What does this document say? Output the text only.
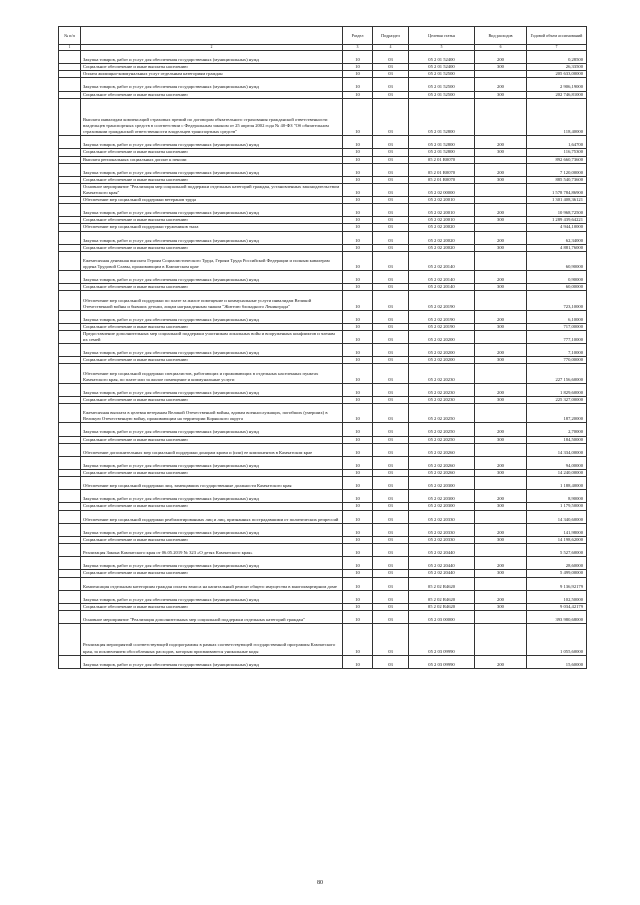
№ п/п		Раздел	Подраздел	Целевая статья	Вид расходов	Годовой объем ассигнований
1	2	3	4	5	6	7
	Закупка товаров, работ и услуг для обеспечения государственных (муниципальных) нужд	10	03	05 2 01 52400	200	0,28500
	Социальное обеспечение и иные выплаты населению	10	03	05 2 01 52400	300	26,33500
	Оплата жилищно-коммунальных услуг отдельным категориям граждан	10	03	05 2 01 52500		205 633,00000
	Закупка товаров, работ и услуг для обеспечения государственных (муниципальных) нужд	10	03	05 2 01 52500	200	2 906,19000
	Социальное обеспечение и иные выплаты населению	10	03	05 2 01 52500	300	202 746,81000
	Выплата инвалидам компенсаций страховых премий по договорам обязательного страхования гражданской ответственности владельцев транспортных средств в соответствии с Федеральным законом от 25 апреля 2002 года № 40-ФЗ "Об обязательном страховании гражданской ответственности владельцев транспортных средств"	10	03	05 2 01 52800		118,40000
	Закупка товаров, работ и услуг для обеспечения государственных (муниципальных) нужд	10	03	05 2 01 52800	200	1,64700
	Социальное обеспечение и иные выплаты населению	10	03	05 2 01 52800	300	116,75300
	Выплата региональных социальных доплат к пенсии	10	03	05 2 01 R0070		892 660,73600
	Закупка товаров, работ и услуг для обеспечения государственных (муниципальных) нужд	10	03	05 2 01 R0070	200	7 120,00000
	Социальное обеспечение и иные выплаты населению	10	03	05 2 01 R0070	300	885 540,73600
	Основное мероприятие "Реализация мер социальной поддержки отдельных категорий граждан, установленных законодательством Камчатского края"	10	03	05 2 02 00000		1 578 784,86900
	Обеспечение мер социальной поддержки ветеранов труда	10	03	05 2 02 20010		1 301 408,36121
	Закупка товаров, работ и услуг для обеспечения государственных (муниципальных) нужд	10	03	05 2 02 20010	200	10 968,72500
	Социальное обеспечение и иные выплаты населению	10	03	05 2 02 20010	300	1 289 439,64221
	Обеспечение мер социальной поддержки тружеников тыла	10	03	05 2 02 20020		4 944,10000
	Закупка товаров, работ и услуг для обеспечения государственных (муниципальных) нужд	10	03	05 2 02 20020	200	62,34000
	Социальное обеспечение и иные выплаты населению	10	03	05 2 02 20020	300	4 881,76000
	Ежемесячная денежная выплата Героям Социалистического Труда, Героям Труда Российской Федерации и полным кавалерам ордена Трудовой Славы, проживающим в Камчатском крае	10	03	05 2 02 20140		60,90000
	Закупка товаров, работ и услуг для обеспечения государственных (муниципальных) нужд	10	03	05 2 02 20140	200	0,90000
	Социальное обеспечение и иные выплаты населению	10	03	05 2 02 20140	300	60,00000
	Обеспечение мер социальной поддержки по плате за жилое помещение и коммунальные услуги инвалидам Великой Отечественной войны и бывших детьми, лицам награжденным знаком "Жителю блокадного Ленинграда"	10	03	05 2 02 20190		723,10000
	Закупка товаров, работ и услуг для обеспечения государственных (муниципальных) нужд	10	03	05 2 02 20190	200	6,10000
	Социальное обеспечение и иные выплаты населению	10	03	05 2 02 20190	300	717,00000
	Предоставление дополнительных мер социальной поддержки участникам локальных войн и вооруженных конфликтов и членам их семей	10	03	05 2 02 20200		777,10000
	Закупка товаров, работ и услуг для обеспечения государственных (муниципальных) нужд	10	03	05 2 02 20200	200	7,10000
	Социальное обеспечение и иные выплаты населению	10	03	05 2 02 20200	300	770,00000
	Обеспечение мер социальной поддержки специалистов, работающих и проживающих в отдельных населенных пунктах Камчатского края, по плате или за жилое помещение и коммунальные услуги	10	03	05 2 02 20230		227 156,60000
	Закупка товаров, работ и услуг для обеспечения государственных (муниципальных) нужд	10	03	05 2 02 20230	200	1 829,60000
	Социальное обеспечение и иные выплаты населению	10	03	05 2 02 20230	300	225 327,00000
	Ежемесячная выплата в целевая ветеранам Великой Отечественной войны, вдовам военнослужащих, погибших (умерших) в Великую Отечественную войну, проживающим на территории Корякского округа	10	03	05 2 02 20250		187,20000
	Закупка товаров, работ и услуг для обеспечения государственных (муниципальных) нужд	10	03	05 2 02 20250	200	2,70000
	Социальное обеспечение и иные выплаты населению	10	03	05 2 02 20250	300	184,50000
	Обеспечение дополнительных мер социальной поддержки донорам крови и (или) ее компонентов в Камчатском крае	10	03	05 2 02 20260		14 334,00000
	Закупка товаров, работ и услуг для обеспечения государственных (муниципальных) нужд	10	03	05 2 02 20260	200	94,00000
	Социальное обеспечение и иные выплаты населению	10	03	05 2 02 20260	300	14 240,00000
	Обеспечение мер социальной поддержки лиц, замещавших государственные должности Камчатского края	10	03	05 2 02 20300		1 188,40000
	Закупка товаров, работ и услуг для обеспечения государственных (муниципальных) нужд	10	03	05 2 02 20300	200	8,90000
	Социальное обеспечение и иные выплаты населению	10	03	05 2 02 20300	300	1 179,50000
	Обеспечение мер социальной поддержки реабилитированных лиц и лиц, признанных пострадавшими от политических репрессий	10	03	05 2 02 20330		14 340,60000
	Закупка товаров, работ и услуг для обеспечения государственных (муниципальных) нужд	10	03	05 2 02 20330	200	141,98000
	Социальное обеспечение и иные выплаты населению	10	03	05 2 02 20330	300	14 198,62000
	Реализация Закона Камчатского края от 06.05.2019 № 323 «О детях Камчатского края»	10	03	05 2 02 20440		5 527,60000
	Закупка товаров, работ и услуг для обеспечения государственных (муниципальных) нужд	10	03	05 2 02 20440	200	28,60000
	Социальное обеспечение и иные выплаты населению	10	03	05 2 02 20440	300	5 499,00000
	Компенсация отдельным категориям граждан оплаты взноса на капитальный ремонт общего имущества в многоквартирном доме	10	03	05 2 02 R4620		9 136,92179
	Закупка товаров, работ и услуг для обеспечения государственных (муниципальных) нужд	10	03	05 2 02 R4620	200	102,50000
	Социальное обеспечение и иные выплаты населению	10	03	05 2 02 R4620	300	9 034,42179
	Основное мероприятие "Реализация дополнительных мер социальной поддержки отдельных категорий граждан"	10	03	05 2 03 00000		393 980,68000
	Реализация мероприятий соответствующей подпрограммы в рамках соответствующей государственной программы Камчатского края, за исключением обособленных расходов, которым присваиваются уникальные коды	10	03	05 2 03 09990		1 055,60000
	Закупка товаров, работ и услуг для обеспечения государственных (муниципальных) нужд	10	03	05 2 03 09990	200	15,60000
80
